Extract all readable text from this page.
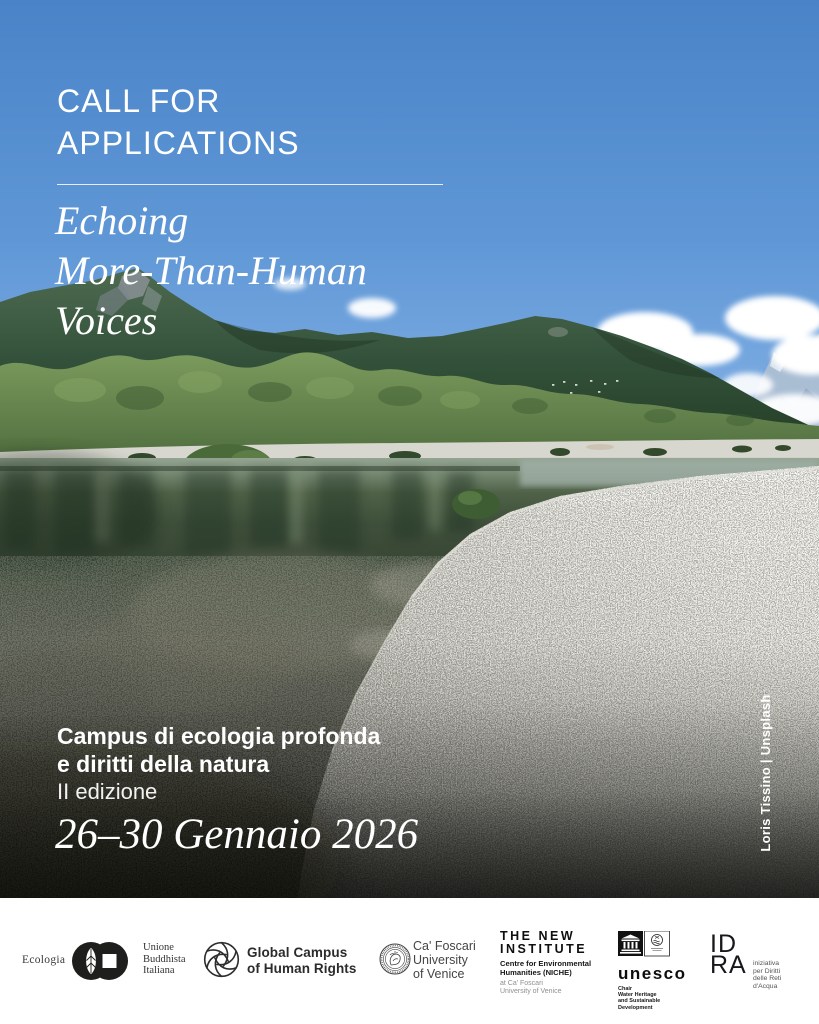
CALL FOR
APPLICATIONS
Echoing
More-Than-Human
Voices
Campus di ecologia profonda
e diritti della natura
II edizione
26–30 Gennaio 2026	Loris Tissino | Unsplash
Ecologia
Unione
Buddhista
Italiana
Global Campus
of Human Rights
Ca' Foscari
University
of Venice
THE NEW
INSTITUTE
Centre for Environmental
Humanities (NICHE)
at Ca' Foscari
University of Venice
unesco
Chair
Water Heritage
and Sustainable
Development
ID
RA iniziativa
per Diritti
delle Reti
d'Acqua
